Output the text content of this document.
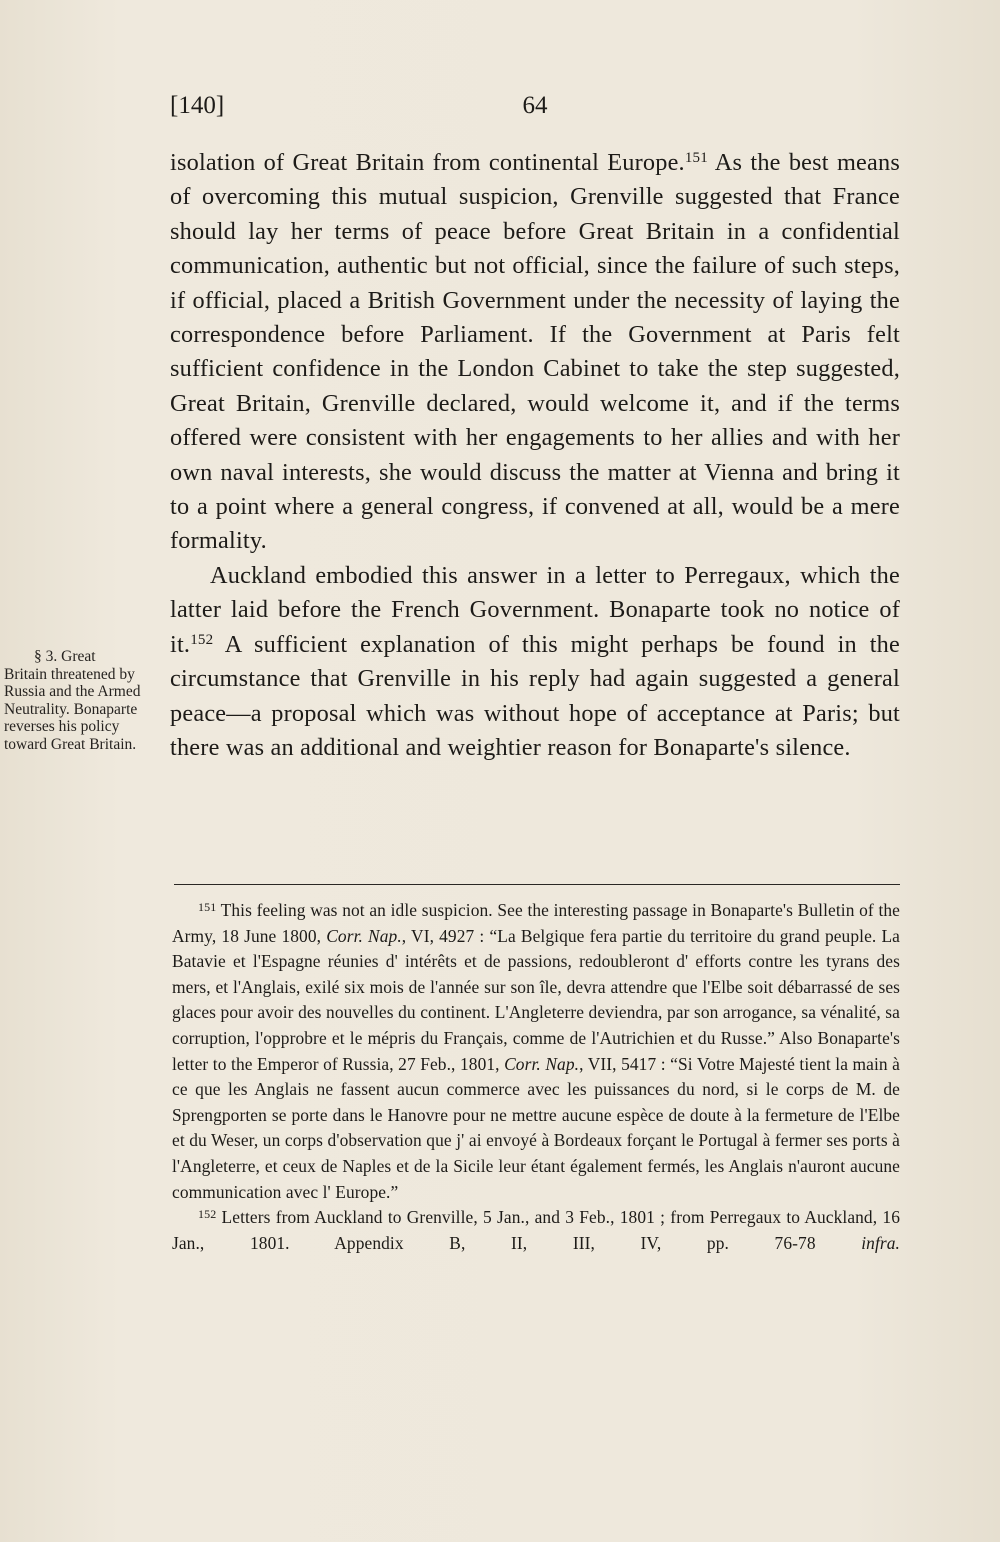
[140]	64

isolation of Great Britain from continental Europe.$^{151}$ As the best means of overcoming this mutual suspicion, Grenville suggested that France should lay her terms of peace before Great Britain in a confidential communication, authentic but not official, since the failure of such steps, if official, placed a British Government under the necessity of laying the correspondence before Parliament. If the Government at Paris felt sufficient confidence in the London Cabinet to take the step suggested, Great Britain, Grenville declared, would welcome it, and if the terms offered were consistent with her engagements to her allies and with her own naval interests, she would discuss the matter at Vienna and bring it to a point where a general congress, if convened at all, would be a mere formality.

Auckland embodied this answer in a letter to Perregaux, which the latter laid before the French Government. Bonaparte took no notice of it.$^{152}$ A sufficient explanation of this might perhaps be found in the circumstance that Grenville in his reply had again suggested a general peace—a proposal which was without hope of acceptance at Paris; but there was an additional and weightier reason for Bonaparte's silence.

§ 3. Great
Britain threatened by Russia and the Armed Neutrality. Bonaparte reverses his policy toward Great Britain.

$^{151}$ This feeling was not an idle suspicion. See the interesting passage in Bonaparte's Bulletin of the Army, 18 June 1800, Corr. Nap., VI, 4927 : “La Belgique fera partie du territoire du grand peuple. La Batavie et l'Espagne réunies d' intérêts et de passions, redoubleront d' efforts contre les tyrans des mers, et l'Anglais, exilé six mois de l'année sur son île, devra attendre que l'Elbe soit débarrassé de ses glaces pour avoir des nouvelles du continent. L'Angleterre deviendra, par son arrogance, sa vénalité, sa corruption, l'opprobre et le mépris du Français, comme de l'Autrichien et du Russe.” Also Bonaparte's letter to the Emperor of Russia, 27 Feb., 1801, Corr. Nap., VII, 5417 : “Si Votre Majesté tient la main à ce que les Anglais ne fassent aucun commerce avec les puissances du nord, si le corps de M. de Sprengporten se porte dans le Hanovre pour ne mettre aucune espèce de doute à la fermeture de l'Elbe et du Weser, un corps d'observation que j' ai envoyé à Bordeaux forçant le Portugal à fermer ses ports à l'Angleterre, et ceux de Naples et de la Sicile leur étant également fermés, les Anglais n'auront aucune communication avec l' Europe.”

$^{152}$ Letters from Auckland to Grenville, 5 Jan., and 3 Feb., 1801 ; from Perregaux to Auckland, 16 Jan., 1801. Appendix B, II, III, IV, pp. 76-78 infra.
